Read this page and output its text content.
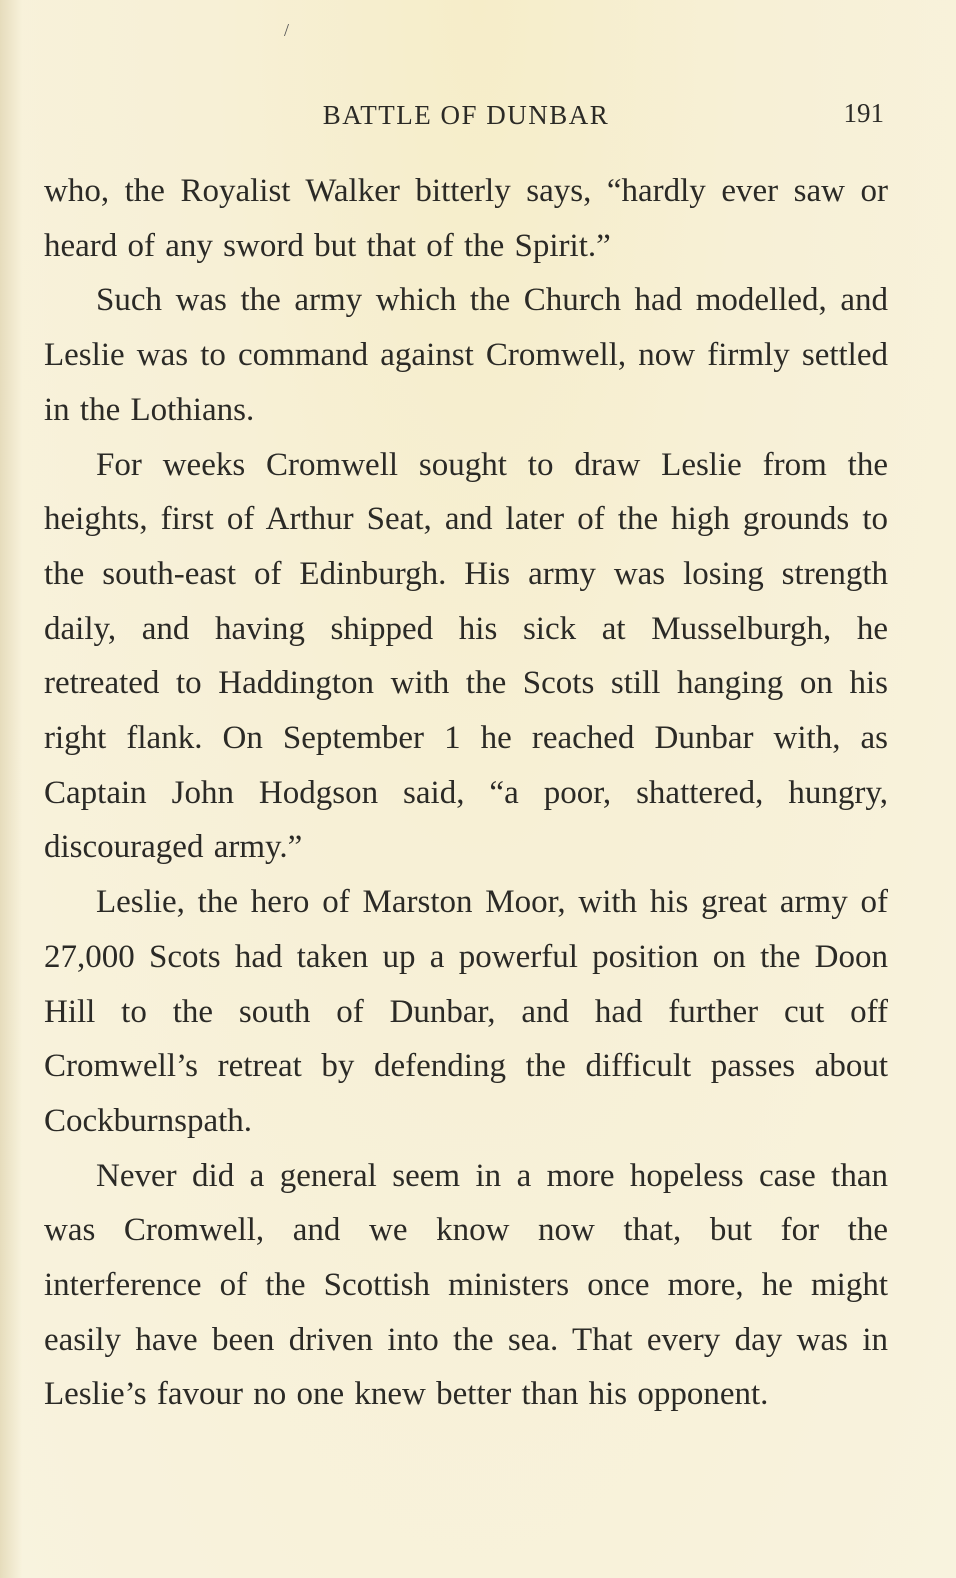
/
BATTLE OF DUNBAR	191

who, the Royalist Walker bitterly says, “hardly ever saw or heard of any sword but that of the Spirit.”

Such was the army which the Church had modelled, and Leslie was to command against Cromwell, now firmly settled in the Lothians.

For weeks Cromwell sought to draw Leslie from the heights, first of Arthur Seat, and later of the high grounds to the south-east of Edinburgh. His army was losing strength daily, and having shipped his sick at Musselburgh, he retreated to Haddington with the Scots still hanging on his right flank. On September 1 he reached Dunbar with, as Captain John Hodgson said, “a poor, shattered, hungry, discouraged army.”

Leslie, the hero of Marston Moor, with his great army of 27,000 Scots had taken up a powerful position on the Doon Hill to the south of Dunbar, and had further cut off Cromwell’s retreat by defending the difficult passes about Cockburnspath.

Never did a general seem in a more hopeless case than was Cromwell, and we know now that, but for the interference of the Scottish ministers once more, he might easily have been driven into the sea. That every day was in Leslie’s favour no one knew better than his opponent.
